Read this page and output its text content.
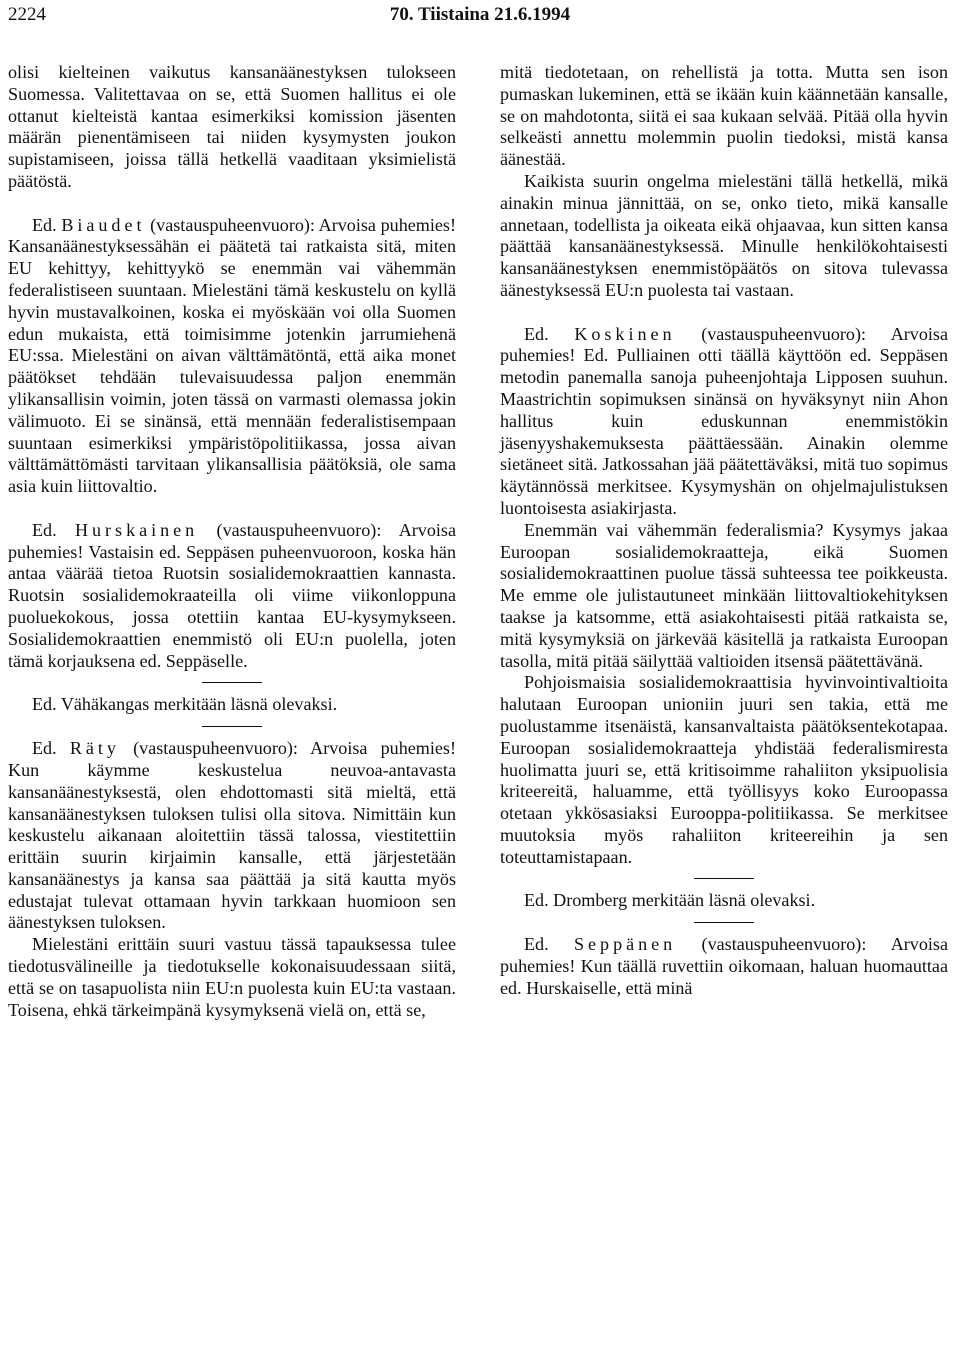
2224	70. Tiistaina 21.6.1994

olisi kielteinen vaikutus kansanäänestyksen tulokseen Suomessa. Valitettavaa on se, että Suomen hallitus ei ole ottanut kielteistä kantaa esimerkiksi komission jäsenten määrän pienentämiseen tai niiden kysymysten joukon supistamiseen, joissa tällä hetkellä vaaditaan yksimielistä päätöstä.

Ed. Biaudet (vastauspuheenvuoro): Arvoisa puhemies! Kansanäänestyksessähän ei päätetä tai ratkaista sitä, miten EU kehittyy, kehittyykö se enemmän vai vähemmän federalistiseen suuntaan. Mielestäni tämä keskustelu on kyllä hyvin mustavalkoinen, koska ei myöskään voi olla Suomen edun mukaista, että toimisimme jotenkin jarrumiehenä EU:ssa. Mielestäni on aivan välttämätöntä, että aika monet päätökset tehdään tulevaisuudessa paljon enemmän ylikansallisin voimin, joten tässä on varmasti olemassa jokin välimuoto. Ei se sinänsä, että mennään federalistisempaan suuntaan esimerkiksi ympäristöpolitiikassa, jossa aivan välttämättömästi tarvitaan ylikansallisia päätöksiä, ole sama asia kuin liittovaltio.

Ed. Hurskainen (vastauspuheenvuoro): Arvoisa puhemies! Vastaisin ed. Seppäsen puheenvuoroon, koska hän antaa väärää tietoa Ruotsin sosialidemokraattien kannasta. Ruotsin sosialidemokraateilla oli viime viikonloppuna puoluekokous, jossa otettiin kantaa EU-kysymykseen. Sosialidemokraattien enemmistö oli EU:n puolella, joten tämä korjauksena ed. Seppäselle.

Ed. Vähäkangas merkitään läsnä olevaksi.

Ed. Räty (vastauspuheenvuoro): Arvoisa puhemies! Kun käymme keskustelua neuvoa-antavasta kansanäänestyksestä, olen ehdottomasti sitä mieltä, että kansanäänestyksen tuloksen tulisi olla sitova. Nimittäin kun keskustelu aikanaan aloitettiin tässä talossa, viestitettiin erittäin suurin kirjaimin kansalle, että järjestetään kansanäänestys ja kansa saa päättää ja sitä kautta myös edustajat tulevat ottamaan hyvin tarkkaan huomioon sen äänestyksen tuloksen.

Mielestäni erittäin suuri vastuu tässä tapauksessa tulee tiedotusvälineille ja tiedotukselle kokonaisuudessaan siitä, että se on tasapuolista niin EU:n puolesta kuin EU:ta vastaan. Toisena, ehkä tärkeimpänä kysymyksenä vielä on, että se,

mitä tiedotetaan, on rehellistä ja totta. Mutta sen ison pumaskan lukeminen, että se ikään kuin käännetään kansalle, se on mahdotonta, siitä ei saa kukaan selvää. Pitää olla hyvin selkeästi annettu molemmin puolin tiedoksi, mistä kansa äänestää.

Kaikista suurin ongelma mielestäni tällä hetkellä, mikä ainakin minua jännittää, on se, onko tieto, mikä kansalle annetaan, todellista ja oikeata eikä ohjaavaa, kun sitten kansa päättää kansanäänestyksessä. Minulle henkilökohtaisesti kansanäänestyksen enemmistöpäätös on sitova tulevassa äänestyksessä EU:n puolesta tai vastaan.

Ed. Koskinen (vastauspuheenvuoro): Arvoisa puhemies! Ed. Pulliainen otti täällä käyttöön ed. Seppäsen metodin panemalla sanoja puheenjohtaja Lipposen suuhun. Maastrichtin sopimuksen sinänsä on hyväksynyt niin Ahon hallitus kuin eduskunnan enemmistökin jäsenyyshakemuksesta päättäessään. Ainakin olemme sietäneet sitä. Jatkossahan jää päätettäväksi, mitä tuo sopimus käytännössä merkitsee. Kysymyshän on ohjelmajulistuksen luontoisesta asiakirjasta.

Enemmän vai vähemmän federalismia? Kysymys jakaa Euroopan sosialidemokraatteja, eikä Suomen sosialidemokraattinen puolue tässä suhteessa tee poikkeusta. Me emme ole julistautuneet minkään liittovaltiokehityksen taakse ja katsomme, että asiakohtaisesti pitää ratkaista se, mitä kysymyksiä on järkevää käsitellä ja ratkaista Euroopan tasolla, mitä pitää säilyttää valtioiden itsensä päätettävänä.

Pohjoismaisia sosialidemokraattisia hyvinvointivaltioita halutaan Euroopan unioniin juuri sen takia, että me puolustamme itsenäistä, kansanvaltaista päätöksentekotapaa. Euroopan sosialidemokraatteja yhdistää federalismiresta huolimatta juuri se, että kritisoimme rahaliiton yksipuolisia kriteereitä, haluamme, että työllisyys koko Euroopassa otetaan ykkösasiaksi Eurooppa-politiikassa. Se merkitsee muutoksia myös rahaliiton kriteereihin ja sen toteuttamistapaan.

Ed. Dromberg merkitään läsnä olevaksi.

Ed. Seppänen (vastauspuheenvuoro): Arvoisa puhemies! Kun täällä ruvettiin oikomaan, haluan huomauttaa ed. Hurskaiselle, että minä
